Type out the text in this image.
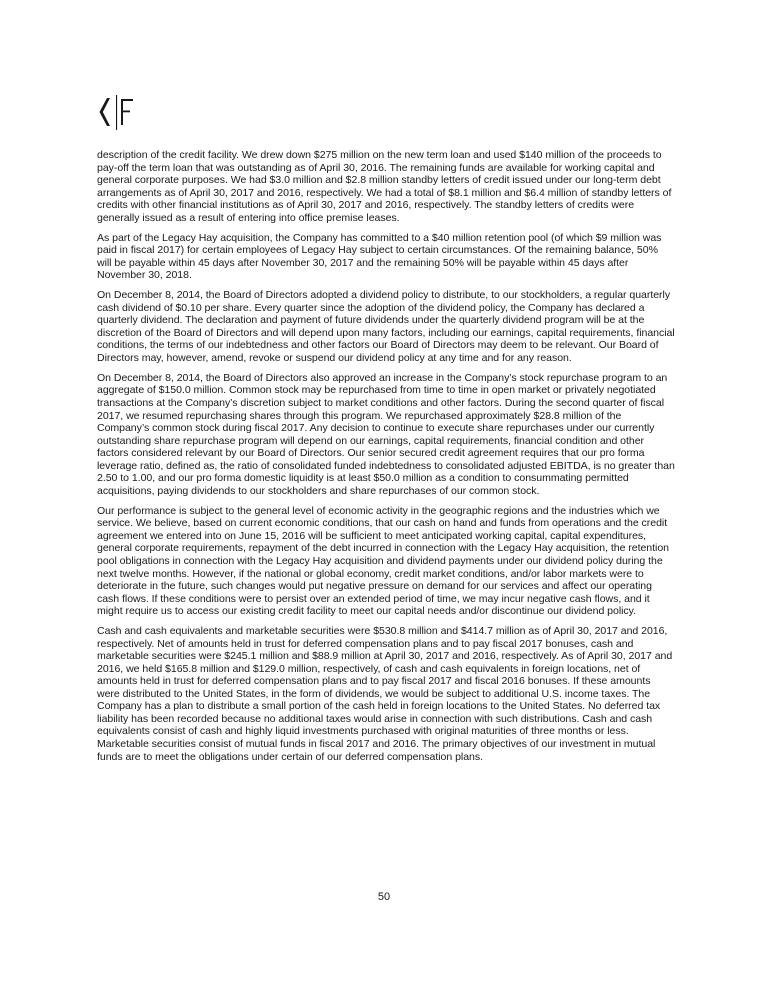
description of the credit facility. We drew down $275 million on the new term loan and used $140 million of the proceeds to pay-off the term loan that was outstanding as of April 30, 2016. The remaining funds are available for working capital and general corporate purposes. We had $3.0 million and $2.8 million standby letters of credit issued under our long-term debt arrangements as of April 30, 2017 and 2016, respectively. We had a total of $8.1 million and $6.4 million of standby letters of credits with other financial institutions as of April 30, 2017 and 2016, respectively. The standby letters of credits were generally issued as a result of entering into office premise leases.

As part of the Legacy Hay acquisition, the Company has committed to a $40 million retention pool (of which $9 million was paid in fiscal 2017) for certain employees of Legacy Hay subject to certain circumstances. Of the remaining balance, 50% will be payable within 45 days after November 30, 2017 and the remaining 50% will be payable within 45 days after November 30, 2018.

On December 8, 2014, the Board of Directors adopted a dividend policy to distribute, to our stockholders, a regular quarterly cash dividend of $0.10 per share. Every quarter since the adoption of the dividend policy, the Company has declared a quarterly dividend. The declaration and payment of future dividends under the quarterly dividend program will be at the discretion of the Board of Directors and will depend upon many factors, including our earnings, capital requirements, financial conditions, the terms of our indebtedness and other factors our Board of Directors may deem to be relevant. Our Board of Directors may, however, amend, revoke or suspend our dividend policy at any time and for any reason.

On December 8, 2014, the Board of Directors also approved an increase in the Company’s stock repurchase program to an aggregate of $150.0 million. Common stock may be repurchased from time to time in open market or privately negotiated transactions at the Company’s discretion subject to market conditions and other factors. During the second quarter of fiscal 2017, we resumed repurchasing shares through this program. We repurchased approximately $28.8 million of the Company’s common stock during fiscal 2017. Any decision to continue to execute share repurchases under our currently outstanding share repurchase program will depend on our earnings, capital requirements, financial condition and other factors considered relevant by our Board of Directors. Our senior secured credit agreement requires that our pro forma leverage ratio, defined as, the ratio of consolidated funded indebtedness to consolidated adjusted EBITDA, is no greater than 2.50 to 1.00, and our pro forma domestic liquidity is at least $50.0 million as a condition to consummating permitted acquisitions, paying dividends to our stockholders and share repurchases of our common stock.

Our performance is subject to the general level of economic activity in the geographic regions and the industries which we service. We believe, based on current economic conditions, that our cash on hand and funds from operations and the credit agreement we entered into on June 15, 2016 will be sufficient to meet anticipated working capital, capital expenditures, general corporate requirements, repayment of the debt incurred in connection with the Legacy Hay acquisition, the retention pool obligations in connection with the Legacy Hay acquisition and dividend payments under our dividend policy during the next twelve months. However, if the national or global economy, credit market conditions, and/or labor markets were to deteriorate in the future, such changes would put negative pressure on demand for our services and affect our operating cash flows. If these conditions were to persist over an extended period of time, we may incur negative cash flows, and it might require us to access our existing credit facility to meet our capital needs and/or discontinue our dividend policy.

Cash and cash equivalents and marketable securities were $530.8 million and $414.7 million as of April 30, 2017 and 2016, respectively. Net of amounts held in trust for deferred compensation plans and to pay fiscal 2017 bonuses, cash and marketable securities were $245.1 million and $88.9 million at April 30, 2017 and 2016, respectively. As of April 30, 2017 and 2016, we held $165.8 million and $129.0 million, respectively, of cash and cash equivalents in foreign locations, net of amounts held in trust for deferred compensation plans and to pay fiscal 2017 and fiscal 2016 bonuses. If these amounts were distributed to the United States, in the form of dividends, we would be subject to additional U.S. income taxes. The Company has a plan to distribute a small portion of the cash held in foreign locations to the United States. No deferred tax liability has been recorded because no additional taxes would arise in connection with such distributions. Cash and cash equivalents consist of cash and highly liquid investments purchased with original maturities of three months or less. Marketable securities consist of mutual funds in fiscal 2017 and 2016. The primary objectives of our investment in mutual funds are to meet the obligations under certain of our deferred compensation plans.

50
